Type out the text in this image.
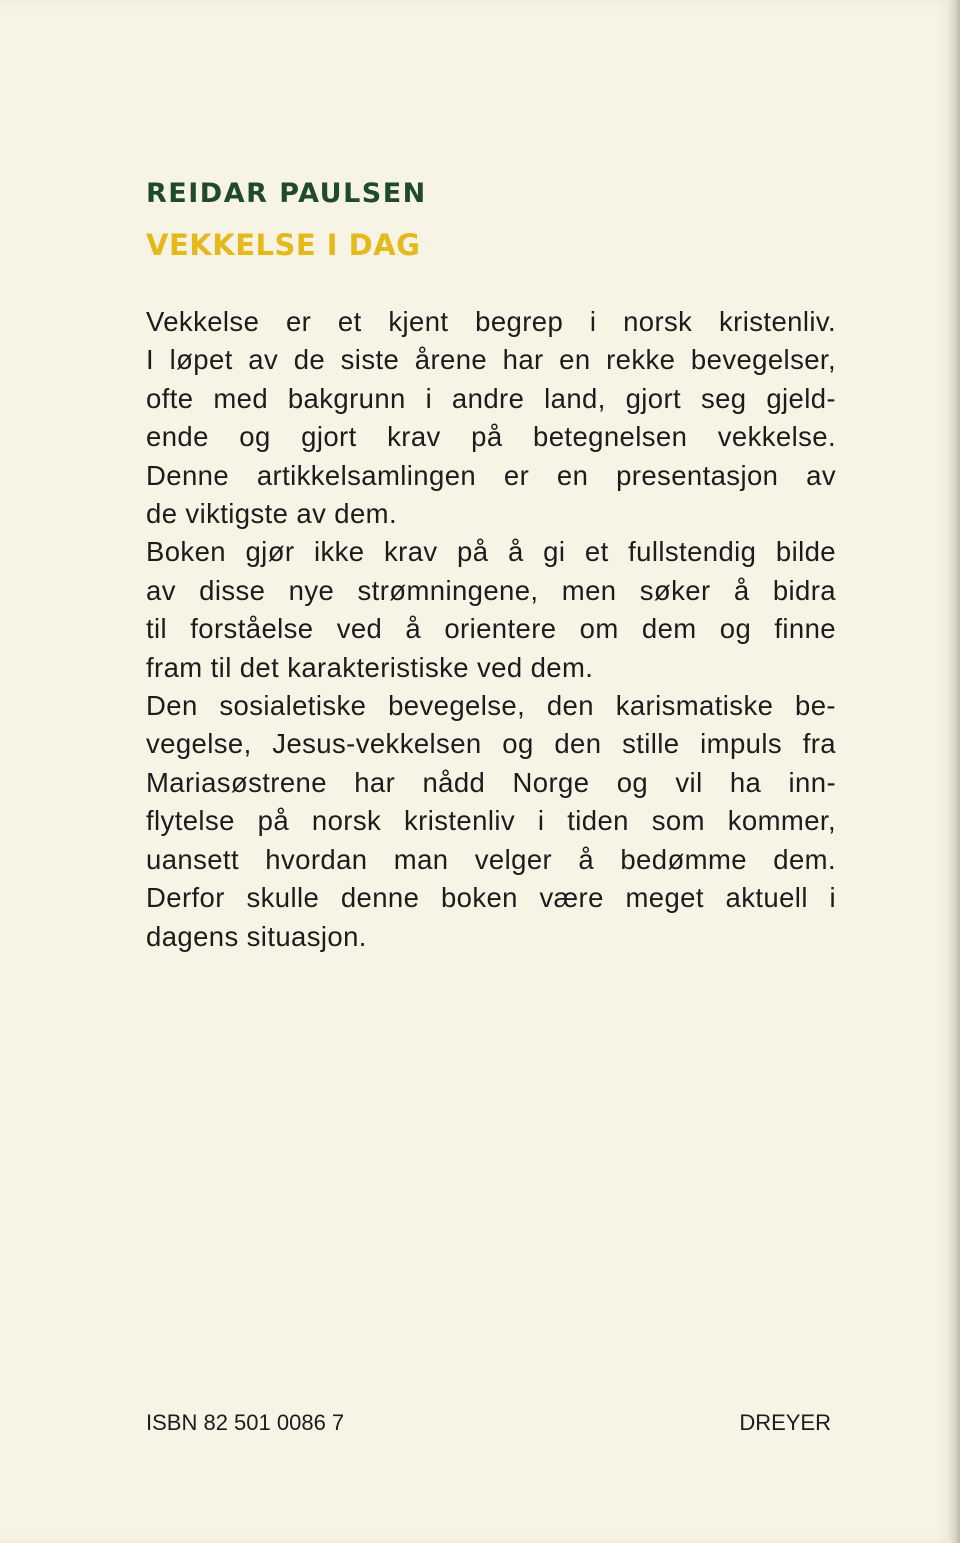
REIDAR PAULSEN
VEKKELSE I DAG
Vekkelse er et kjent begrep i norsk kristenliv.
I løpet av de siste årene har en rekke bevegelser,
ofte med bakgrunn i andre land, gjort seg gjeld-
ende og gjort krav på betegnelsen vekkelse.
Denne artikkelsamlingen er en presentasjon av
de viktigste av dem.
Boken gjør ikke krav på å gi et fullstendig bilde
av disse nye strømningene, men søker å bidra
til forståelse ved å orientere om dem og finne
fram til det karakteristiske ved dem.
Den sosialetiske bevegelse, den karismatiske be-
vegelse, Jesus-vekkelsen og den stille impuls fra
Mariasøstrene har nådd Norge og vil ha inn-
flytelse på norsk kristenliv i tiden som kommer,
uansett hvordan man velger å bedømme dem.
Derfor skulle denne boken være meget aktuell i
dagens situasjon.
ISBN 82 501 0086 7	DREYER
